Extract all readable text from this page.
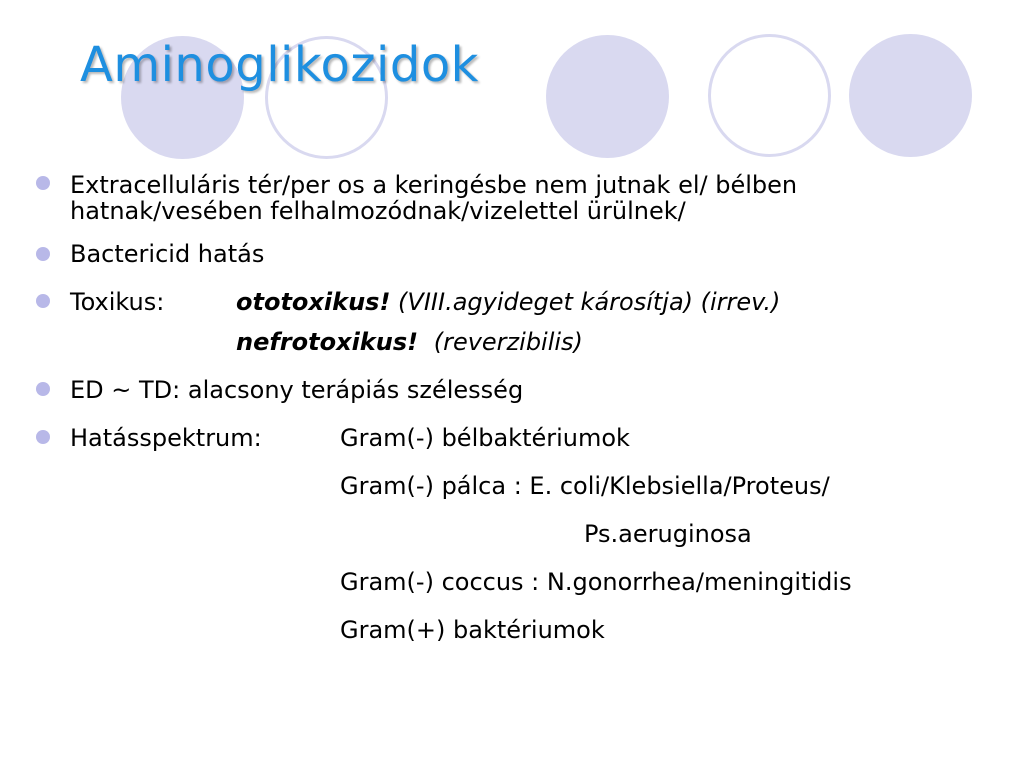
Aminoglikozidok
Extracelluláris tér/per os a keringésbe nem jutnak el/ bélben
hatnak/vesében felhalmozódnak/vizelettel ürülnek/
Bactericid hatás
Toxikus:	ototoxikus! (VIII.agyideget károsítja) (irrev.)
nefrotoxikus! (reverzibilis)
ED ~ TD: alacsony terápiás szélesség
Hatásspektrum:	Gram(-) bélbaktériumok
Gram(-) pálca : E. coli/Klebsiella/Proteus/
Ps.aeruginosa
Gram(-) coccus : N.gonorrhea/meningitidis
Gram(+) baktériumok
